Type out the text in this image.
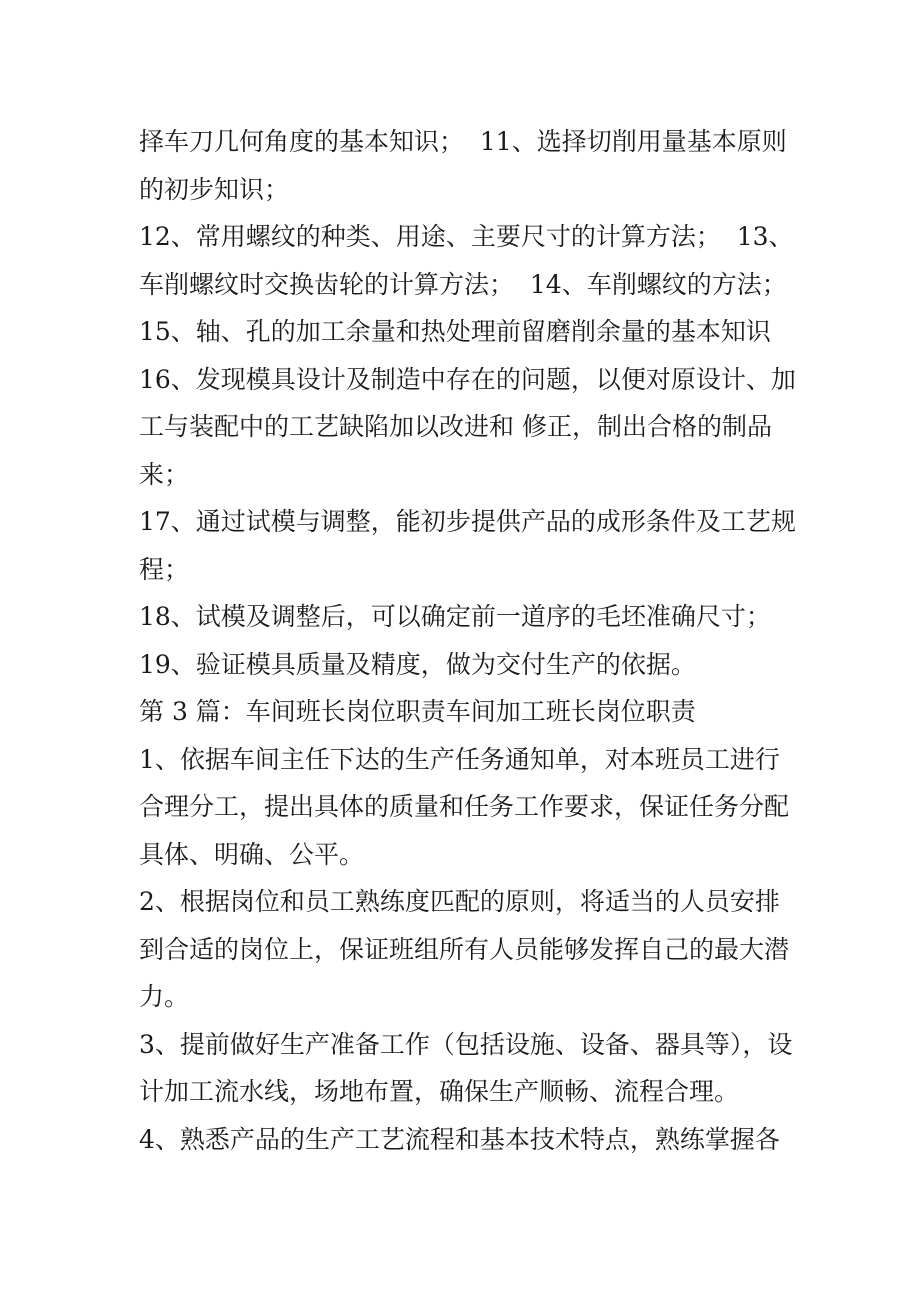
择车刀几何角度的基本知识；  11、选择切削用量基本原则
的初步知识；
12、常用螺纹的种类、用途、主要尺寸的计算方法；  13、
车削螺纹时交换齿轮的计算方法；  14、车削螺纹的方法；
15、轴、孔的加工余量和热处理前留磨削余量的基本知识
16、发现模具设计及制造中存在的问题，以便对原设计、加
工与装配中的工艺缺陷加以改进和 修正，制出合格的制品
来；
17、通过试模与调整，能初步提供产品的成形条件及工艺规
程；
18、试模及调整后，可以确定前一道序的毛坯准确尺寸；
19、验证模具质量及精度，做为交付生产的依据。
第 3 篇：车间班长岗位职责车间加工班长岗位职责
1、依据车间主任下达的生产任务通知单，对本班员工进行
合理分工，提出具体的质量和任务工作要求，保证任务分配
具体、明确、公平。
2、根据岗位和员工熟练度匹配的原则，将适当的人员安排
到合适的岗位上，保证班组所有人员能够发挥自己的最大潜
力。
3、提前做好生产准备工作（包括设施、设备、器具等），设
计加工流水线，场地布置，确保生产顺畅、流程合理。
4、熟悉产品的生产工艺流程和基本技术特点，熟练掌握各
